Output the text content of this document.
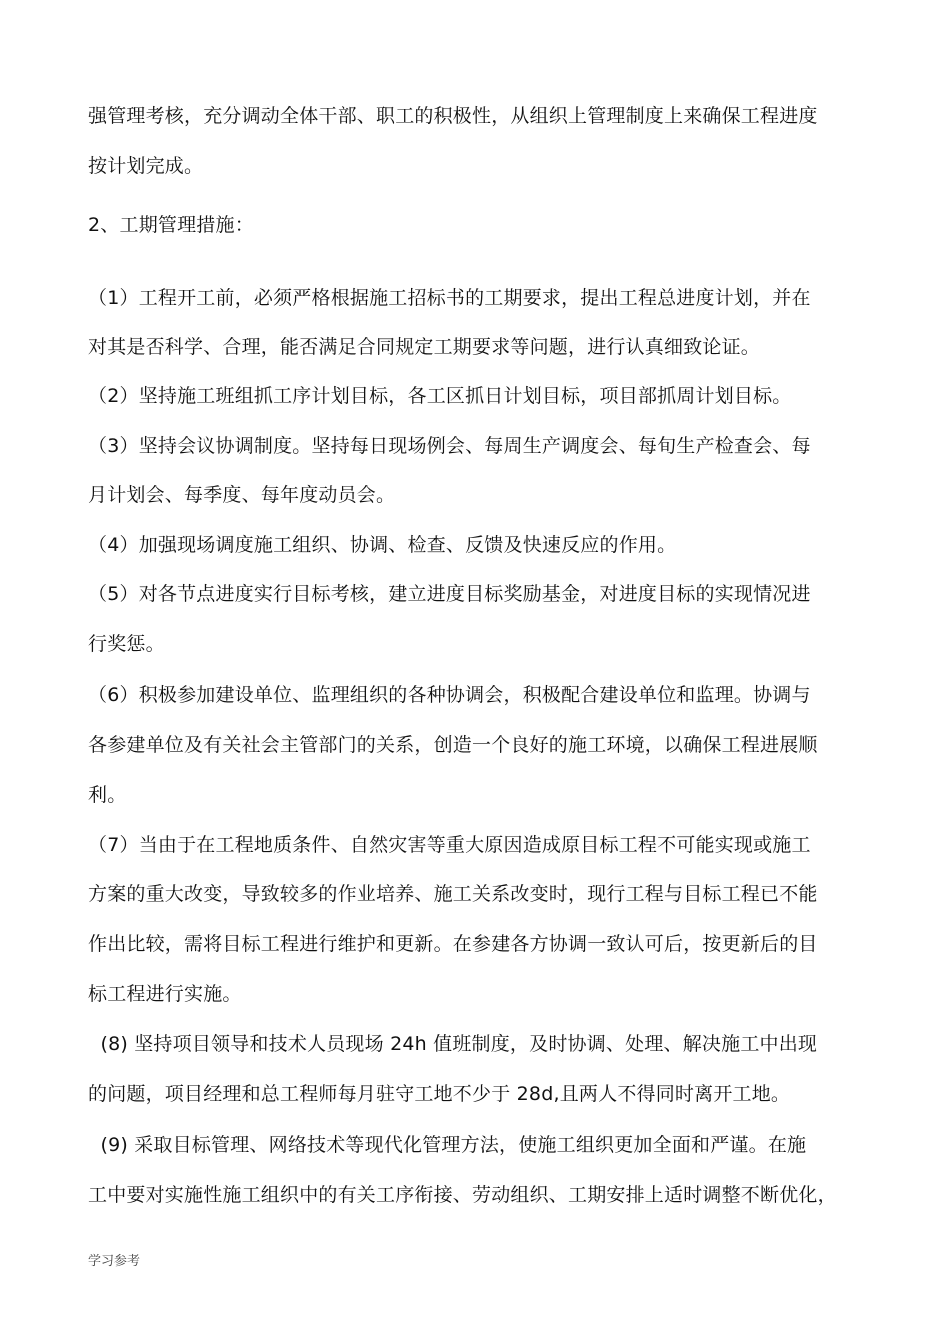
强管理考核，充分调动全体干部、职工的积极性，从组织上管理制度上来确保工程进度
按计划完成。
2、工期管理措施：
（1）工程开工前，必须严格根据施工招标书的工期要求，提出工程总进度计划，并在
对其是否科学、合理，能否满足合同规定工期要求等问题，进行认真细致论证。
（2）坚持施工班组抓工序计划目标，各工区抓日计划目标，项目部抓周计划目标。
（3）坚持会议协调制度。坚持每日现场例会、每周生产调度会、每旬生产检查会、每
月计划会、每季度、每年度动员会。
（4）加强现场调度施工组织、协调、检查、反馈及快速反应的作用。
（5）对各节点进度实行目标考核，建立进度目标奖励基金，对进度目标的实现情况进
行奖惩。
（6）积极参加建设单位、监理组织的各种协调会，积极配合建设单位和监理。协调与
各参建单位及有关社会主管部门的关系，创造一个良好的施工环境，以确保工程进展顺
利。
（7）当由于在工程地质条件、自然灾害等重大原因造成原目标工程不可能实现或施工
方案的重大改变，导致较多的作业培养、施工关系改变时，现行工程与目标工程已不能
作出比较，需将目标工程进行维护和更新。在参建各方协调一致认可后，按更新后的目
标工程进行实施。
(8) 坚持项目领导和技术人员现场 24h 值班制度，及时协调、处理、解决施工中出现
的问题，项目经理和总工程师每月驻守工地不少于 28d,且两人不得同时离开工地。
(9) 采取目标管理、网络技术等现代化管理方法，使施工组织更加全面和严谨。在施
工中要对实施性施工组织中的有关工序衔接、劳动组织、工期安排上适时调整不断优化，
学习参考
